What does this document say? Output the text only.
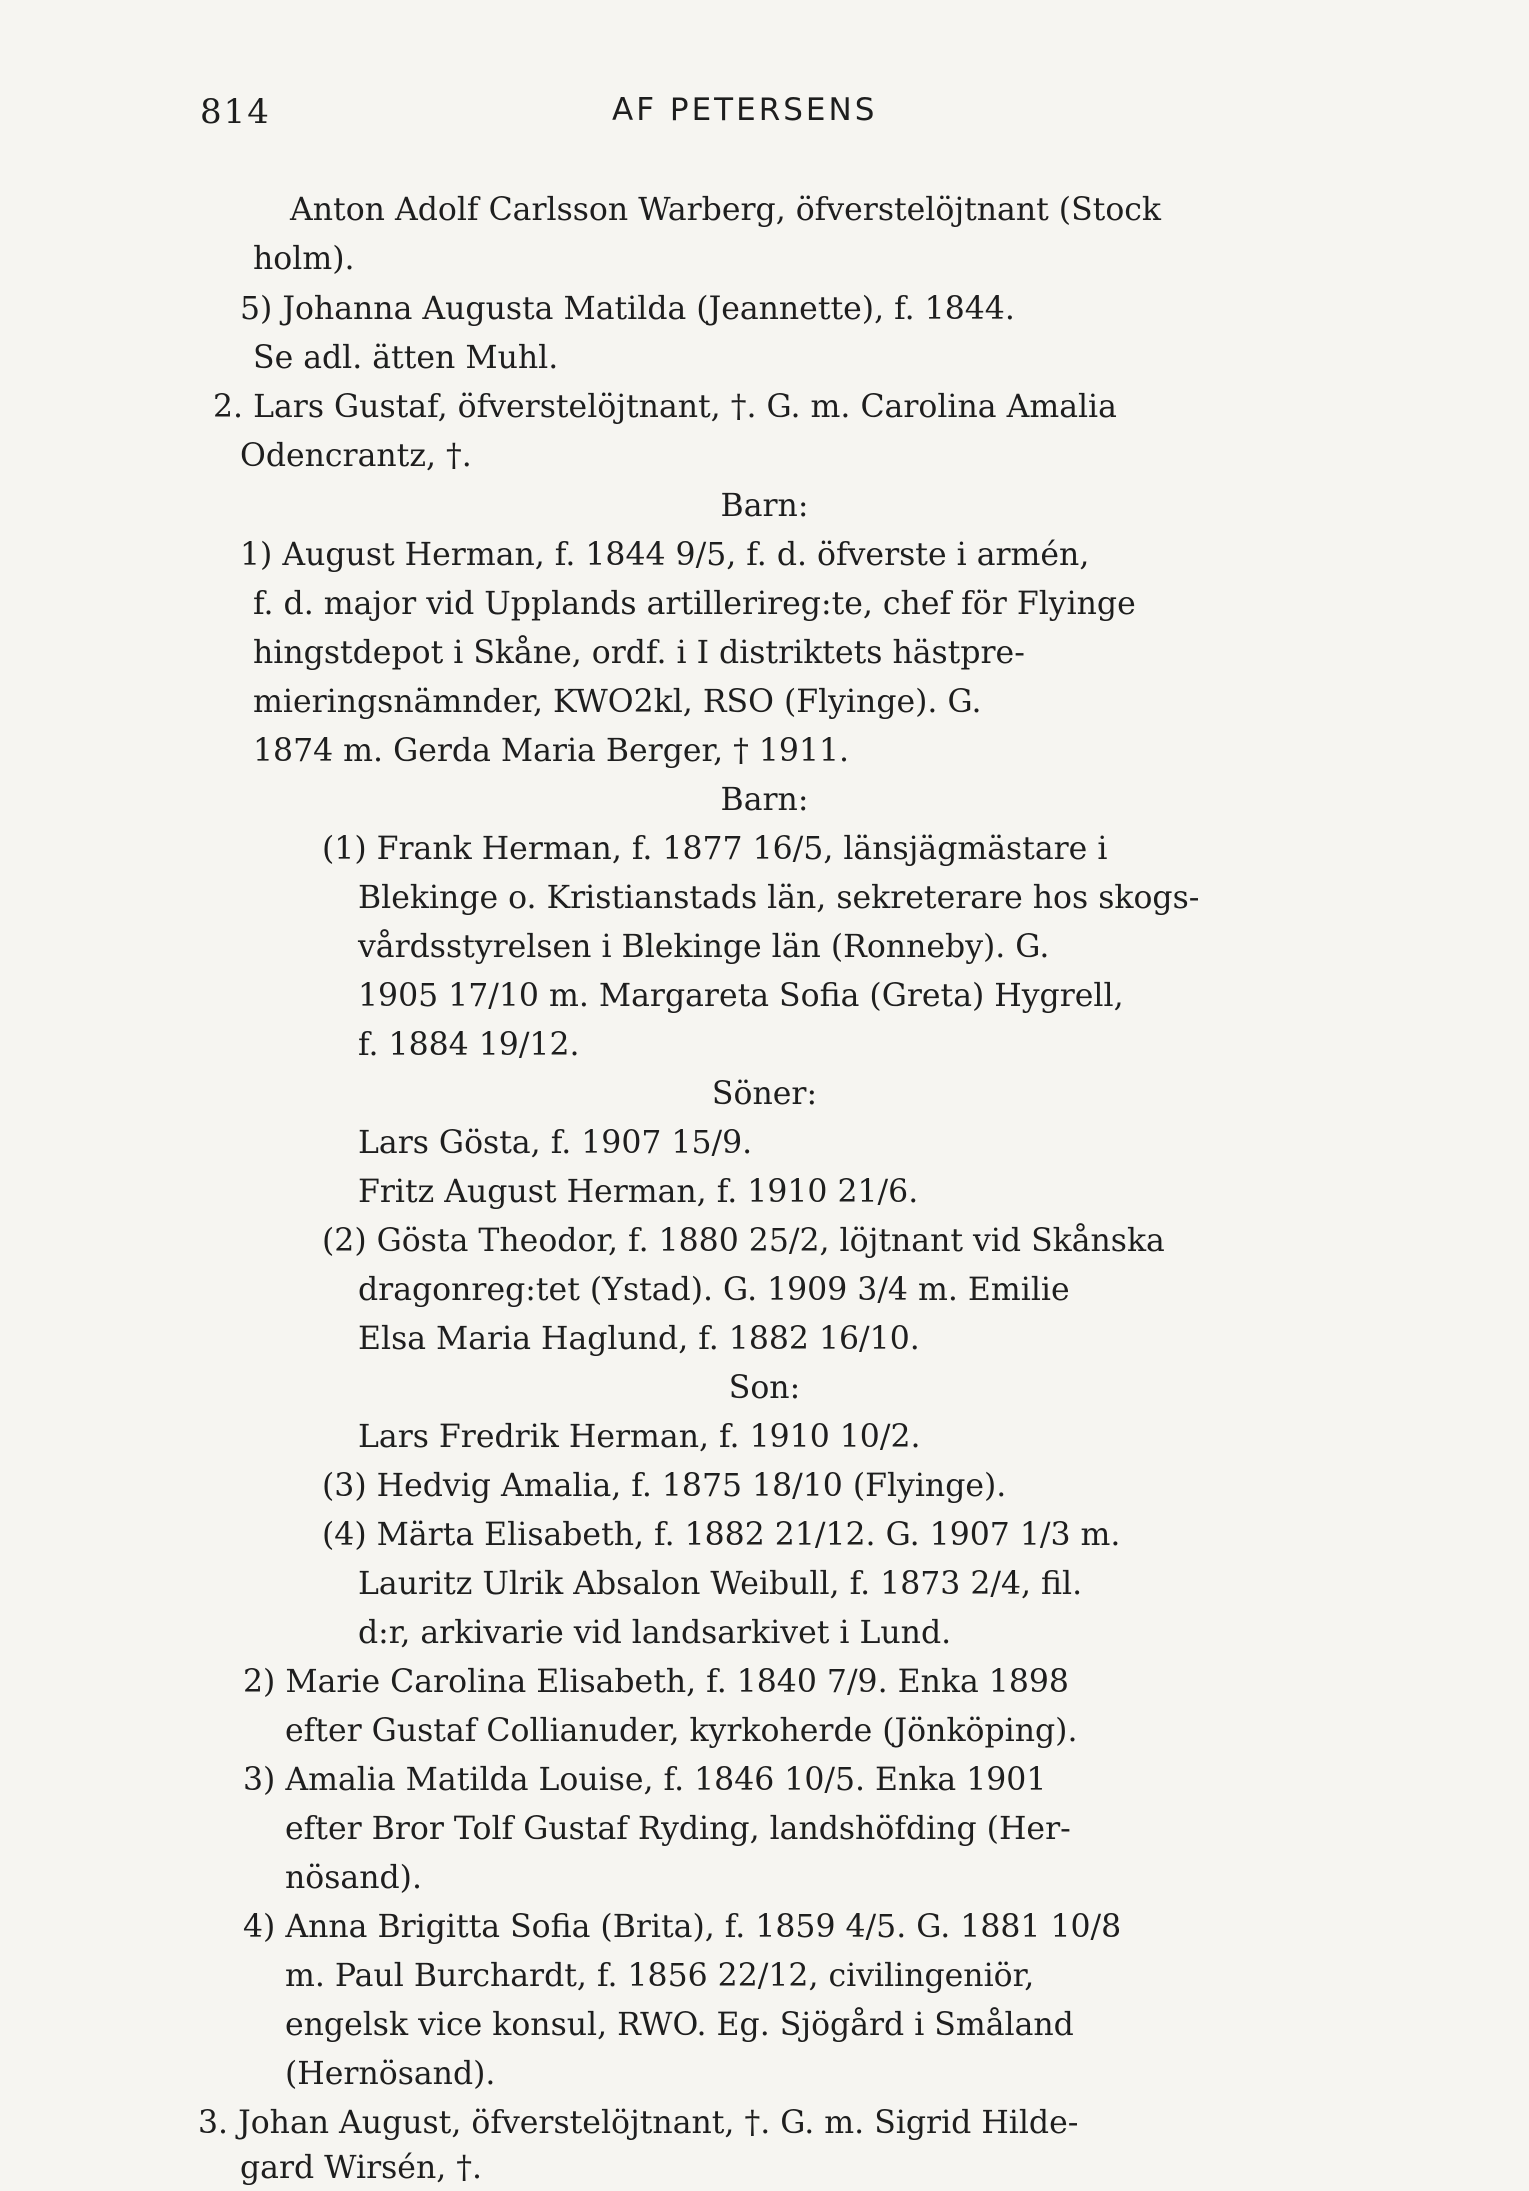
814	AF PETERSENS
Anton Adolf Carlsson Warberg, öfverstelöjtnant (Stock
holm).
5) Johanna Augusta Matilda (Jeannette), f. 1844.
Se adl. ätten Muhl.
2. Lars Gustaf, öfverstelöjtnant, †. G. m. Carolina Amalia
Odencrantz, †.
Barn:
1) August Herman, f. 1844 9/5, f. d. öfverste i armén,
f. d. major vid Upplands artillerireg:te, chef för Flyinge
hingstdepot i Skåne, ordf. i I distriktets hästpre-
mieringsnämnder, KWO2kl, RSO (Flyinge). G.
1874 m. Gerda Maria Berger, † 1911.
Barn:
(1) Frank Herman, f. 1877 16/5, länsjägmästare i
Blekinge o. Kristianstads län, sekreterare hos skogs-
vårdsstyrelsen i Blekinge län (Ronneby). G.
1905 17/10 m. Margareta Sofia (Greta) Hygrell,
f. 1884 19/12.
Söner:
Lars Gösta, f. 1907 15/9.
Fritz August Herman, f. 1910 21/6.
(2) Gösta Theodor, f. 1880 25/2, löjtnant vid Skånska
dragonreg:tet (Ystad). G. 1909 3/4 m. Emilie
Elsa Maria Haglund, f. 1882 16/10.
Son:
Lars Fredrik Herman, f. 1910 10/2.
(3) Hedvig Amalia, f. 1875 18/10 (Flyinge).
(4) Märta Elisabeth, f. 1882 21/12. G. 1907 1/3 m.
Lauritz Ulrik Absalon Weibull, f. 1873 2/4, fil.
d:r, arkivarie vid landsarkivet i Lund.
2) Marie Carolina Elisabeth, f. 1840 7/9. Enka 1898
efter Gustaf Collianuder, kyrkoherde (Jönköping).
3) Amalia Matilda Louise, f. 1846 10/5. Enka 1901
efter Bror Tolf Gustaf Ryding, landshöfding (Her-
nösand).
4) Anna Brigitta Sofia (Brita), f. 1859 4/5. G. 1881 10/8
m. Paul Burchardt, f. 1856 22/12, civilingeniör,
engelsk vice konsul, RWO. Eg. Sjögård i Småland
(Hernösand).
3. Johan August, öfverstelöjtnant, †. G. m. Sigrid Hilde-
gard Wirsén, †.
